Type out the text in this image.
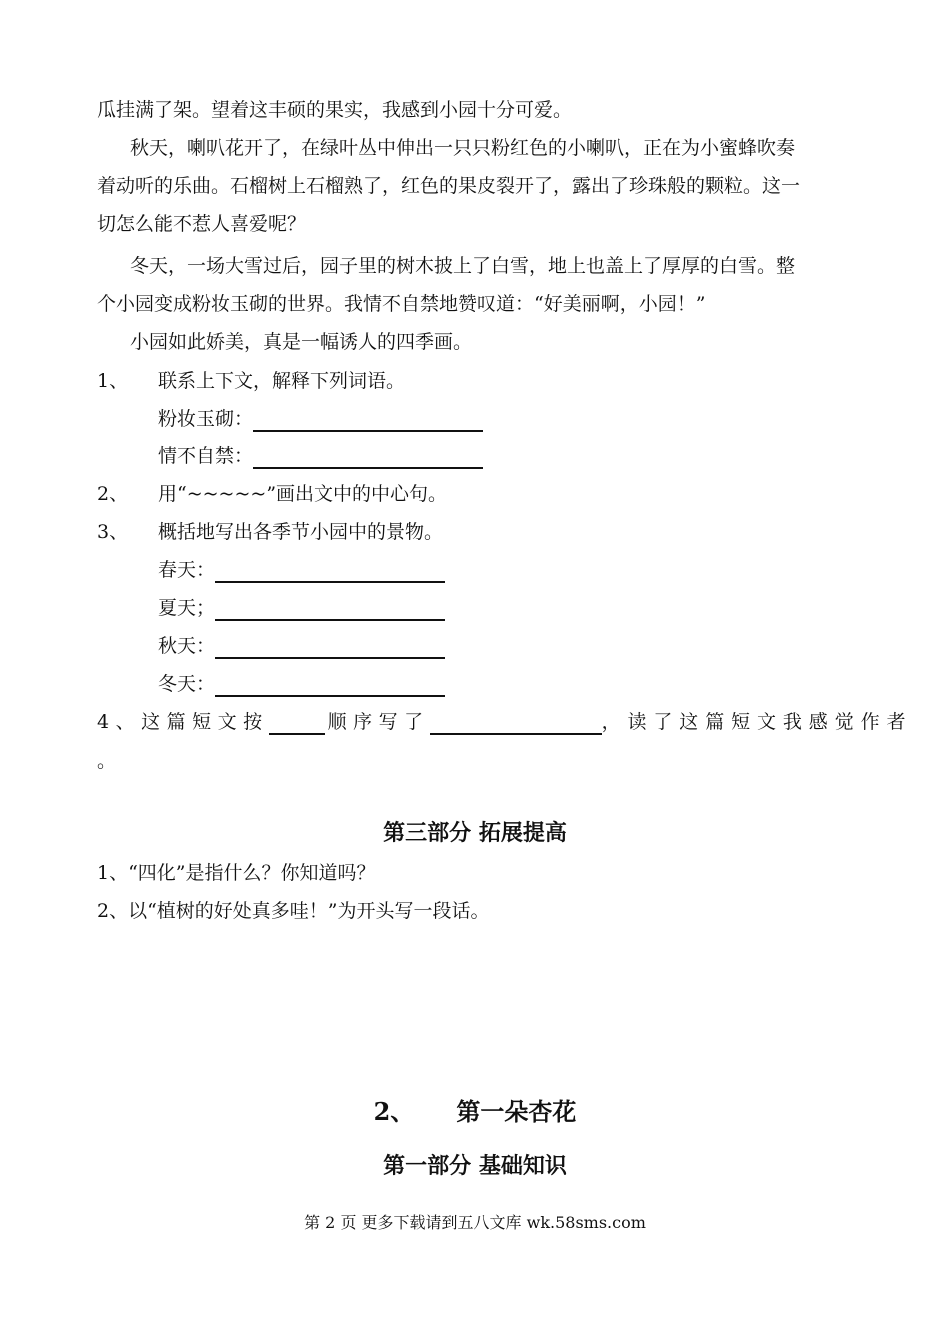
瓜挂满了架。望着这丰硕的果实，我感到小园十分可爱。
秋天，喇叭花开了，在绿叶丛中伸出一只只粉红色的小喇叭，正在为小蜜蜂吹奏
着动听的乐曲。石榴树上石榴熟了，红色的果皮裂开了，露出了珍珠般的颗粒。这一
切怎么能不惹人喜爱呢？
冬天，一场大雪过后，园子里的树木披上了白雪，地上也盖上了厚厚的白雪。整
个小园变成粉妆玉砌的世界。我情不自禁地赞叹道：“好美丽啊，小园！”
小园如此娇美，真是一幅诱人的四季画。
1、 联系上下文，解释下列词语。
粉妆玉砌：
情不自禁：
2、 用“~~~~~”画出文中的中心句。
3、 概括地写出各季节小园中的景物。
春天：
夏天；
秋天：
冬天：
4、这篇短文按	顺序写了	，读了这篇短文我感觉作者
。
第三部分 拓展提高
1、“四化”是指什么？你知道吗？
2、以“植树的好处真多哇！”为开头写一段话。
2、 第一朵杏花
第一部分 基础知识
第 2 页 更多下载请到五八文库 wk.58sms.com
